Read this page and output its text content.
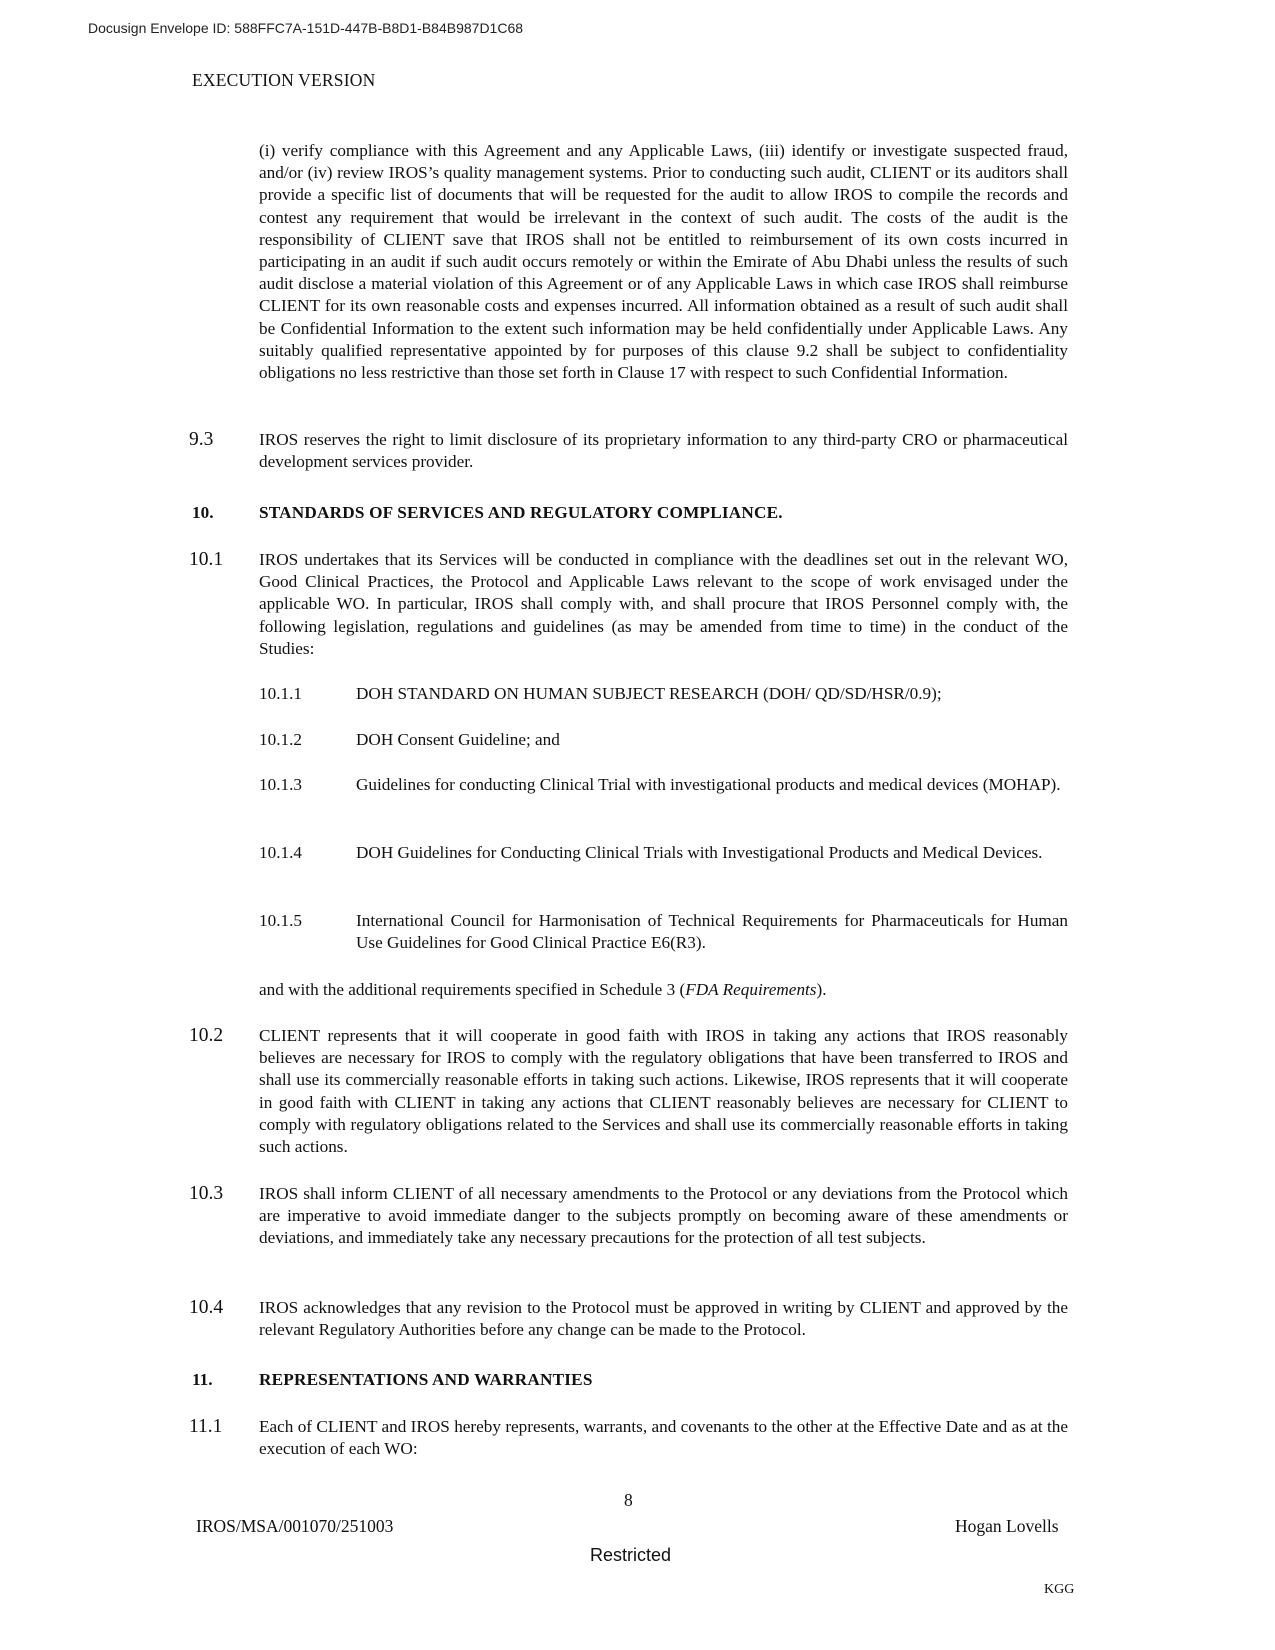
Docusign Envelope ID: 588FFC7A-151D-447B-B8D1-B84B987D1C68
EXECUTION VERSION
(i) verify compliance with this Agreement and any Applicable Laws, (iii) identify or investigate suspected fraud, and/or (iv) review IROS’s quality management systems. Prior to conducting such audit, CLIENT or its auditors shall provide a specific list of documents that will be requested for the audit to allow IROS to compile the records and contest any requirement that would be irrelevant in the context of such audit. The costs of the audit is the responsibility of CLIENT save that IROS shall not be entitled to reimbursement of its own costs incurred in participating in an audit if such audit occurs remotely or within the Emirate of Abu Dhabi unless the results of such audit disclose a material violation of this Agreement or of any Applicable Laws in which case IROS shall reimburse CLIENT for its own reasonable costs and expenses incurred. All information obtained as a result of such audit shall be Confidential Information to the extent such information may be held confidentially under Applicable Laws. Any suitably qualified representative appointed by for purposes of this clause 9.2 shall be subject to confidentiality obligations no less restrictive than those set forth in Clause 17 with respect to such Confidential Information.
9.3	IROS reserves the right to limit disclosure of its proprietary information to any third-party CRO or pharmaceutical development services provider.
10.	STANDARDS OF SERVICES AND REGULATORY COMPLIANCE.
10.1 IROS undertakes that its Services will be conducted in compliance with the deadlines set out in the relevant WO, Good Clinical Practices, the Protocol and Applicable Laws relevant to the scope of work envisaged under the applicable WO. In particular, IROS shall comply with, and shall procure that IROS Personnel comply with, the following legislation, regulations and guidelines (as may be amended from time to time) in the conduct of the Studies:
10.1.1	DOH STANDARD ON HUMAN SUBJECT RESEARCH (DOH/ QD/SD/HSR/0.9);
10.1.2	DOH Consent Guideline; and
10.1.3	Guidelines for conducting Clinical Trial with investigational products and medical devices (MOHAP).
10.1.4	DOH Guidelines for Conducting Clinical Trials with Investigational Products and Medical Devices.
10.1.5	International Council for Harmonisation of Technical Requirements for Pharmaceuticals for Human Use Guidelines for Good Clinical Practice E6(R3).
and with the additional requirements specified in Schedule 3 (FDA Requirements).
10.2 CLIENT represents that it will cooperate in good faith with IROS in taking any actions that IROS reasonably believes are necessary for IROS to comply with the regulatory obligations that have been transferred to IROS and shall use its commercially reasonable efforts in taking such actions. Likewise, IROS represents that it will cooperate in good faith with CLIENT in taking any actions that CLIENT reasonably believes are necessary for CLIENT to comply with regulatory obligations related to the Services and shall use its commercially reasonable efforts in taking such actions.
10.3 IROS shall inform CLIENT of all necessary amendments to the Protocol or any deviations from the Protocol which are imperative to avoid immediate danger to the subjects promptly on becoming aware of these amendments or deviations, and immediately take any necessary precautions for the protection of all test subjects.
10.4 IROS acknowledges that any revision to the Protocol must be approved in writing by CLIENT and approved by the relevant Regulatory Authorities before any change can be made to the Protocol.
11.	REPRESENTATIONS AND WARRANTIES
11.1 Each of CLIENT and IROS hereby represents, warrants, and covenants to the other at the Effective Date and as at the execution of each WO:
8
IROS/MSA/001070/251003
Restricted
Hogan Lovells
KGG
